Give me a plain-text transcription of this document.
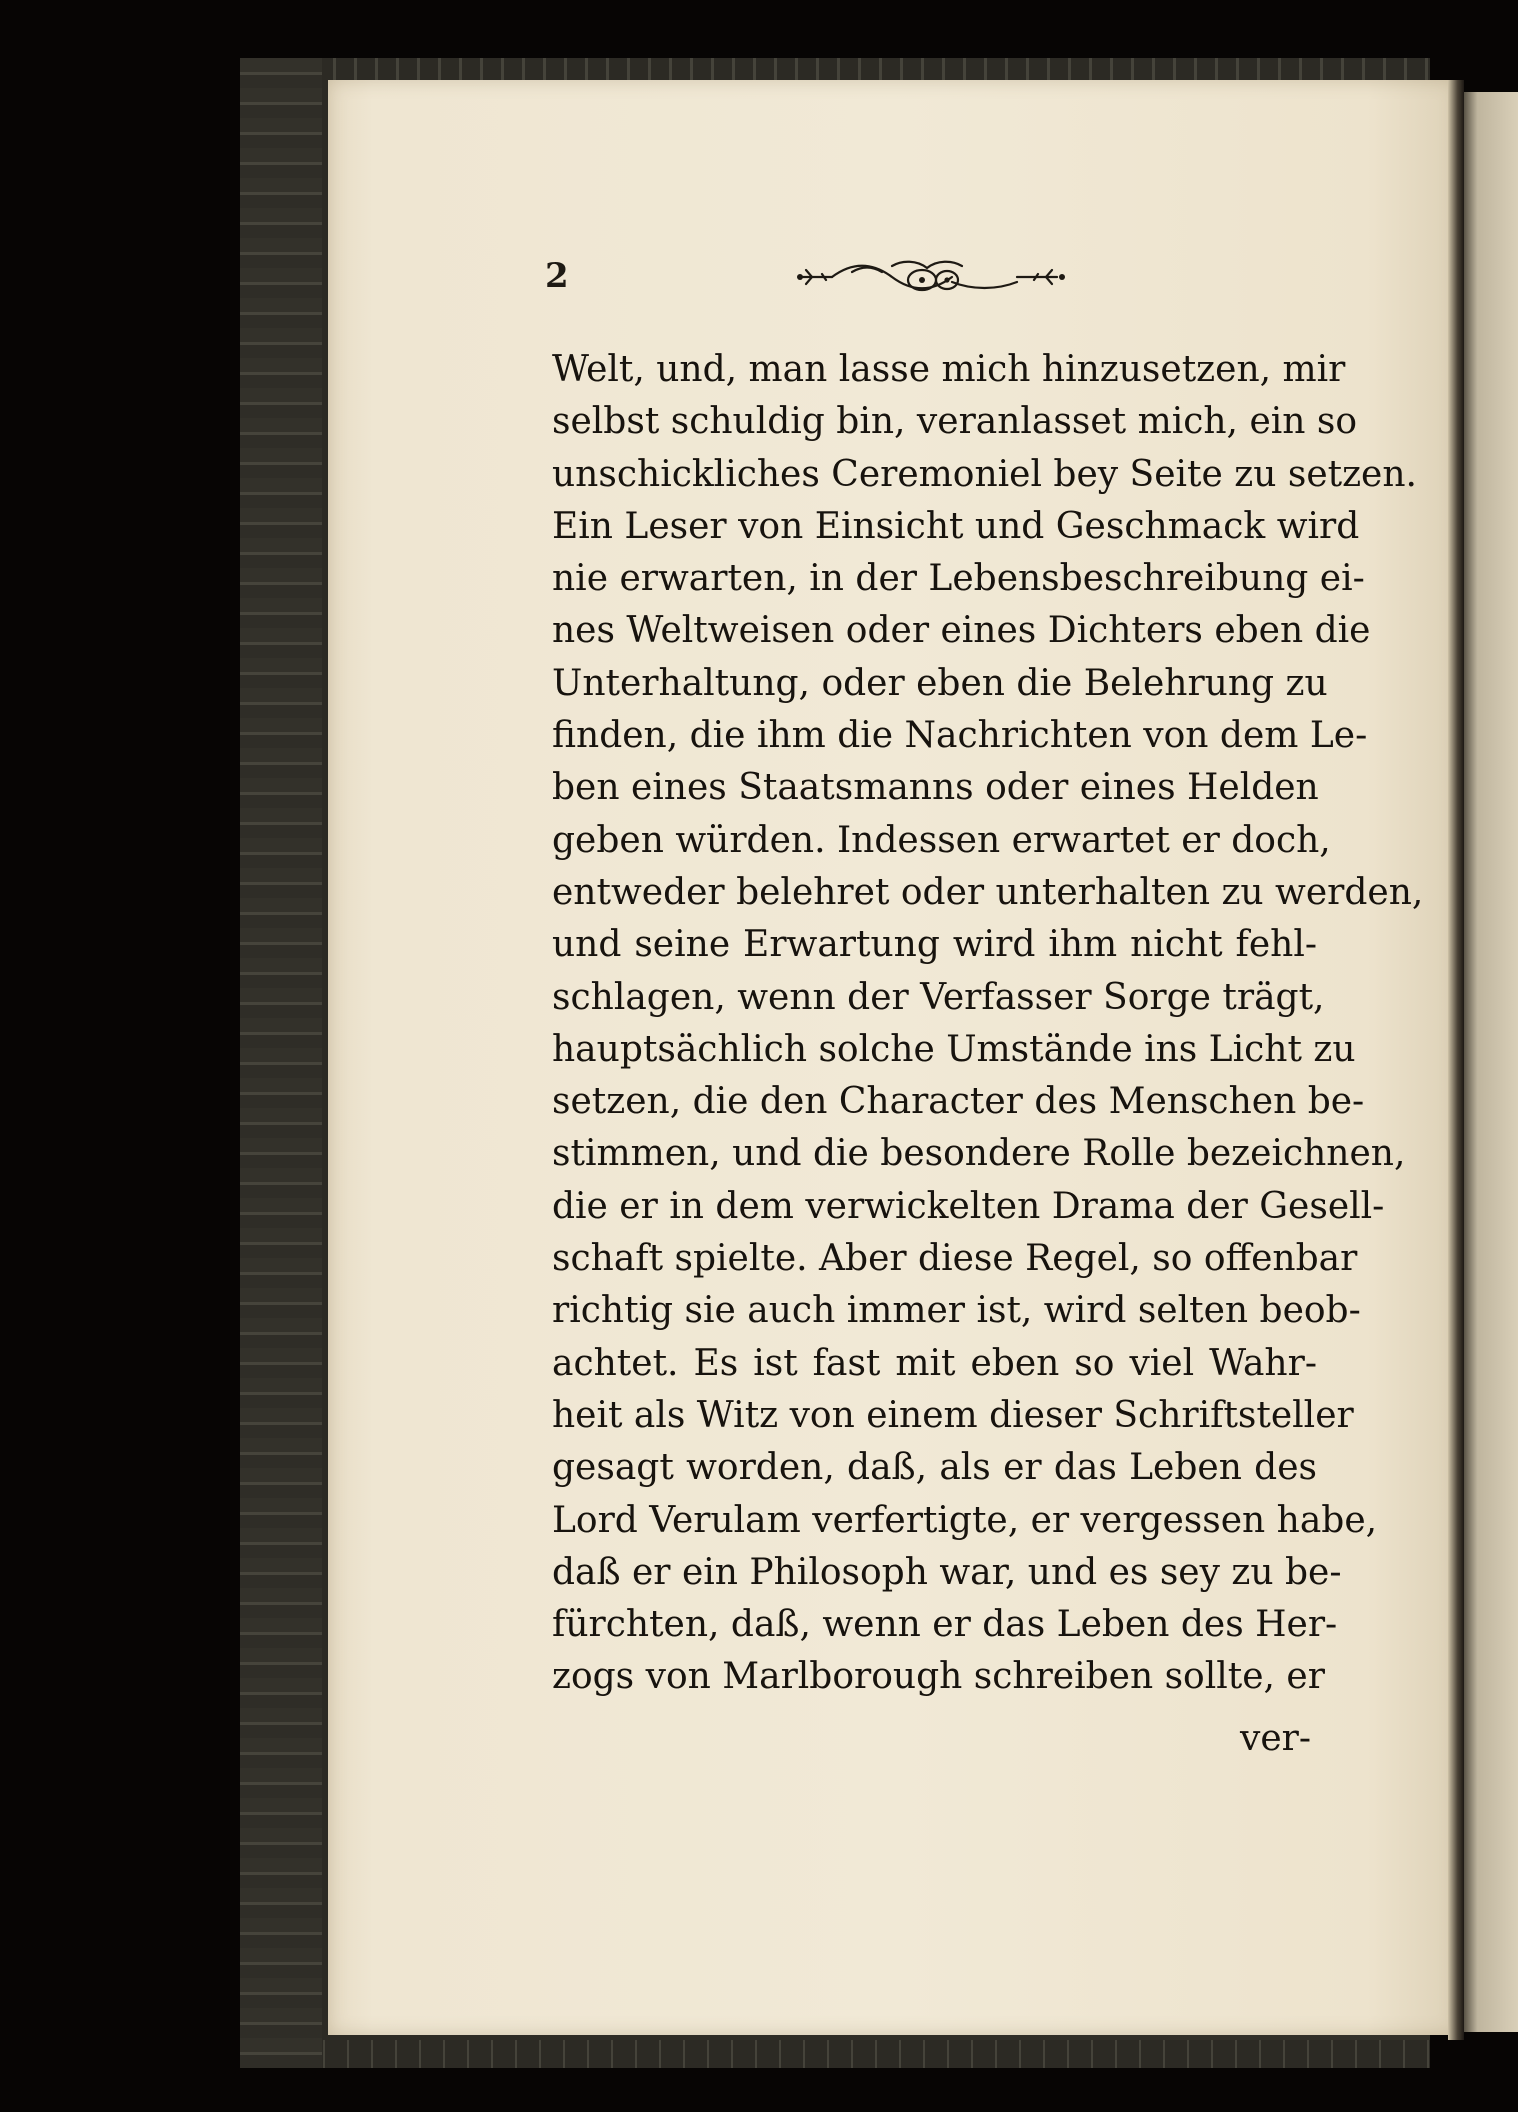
2
Welt, und, man lasse mich hinzusetzen, mir
selbst schuldig bin, veranlasset mich, ein so
unschickliches Ceremoniel bey Seite zu setzen.
Ein Leser von Einsicht und Geschmack wird
nie erwarten, in der Lebensbeschreibung ei-
nes Weltweisen oder eines Dichters eben die
Unterhaltung, oder eben die Belehrung zu
finden, die ihm die Nachrichten von dem Le-
ben eines Staatsmanns oder eines Helden
geben würden. Indessen erwartet er doch,
entweder belehret oder unterhalten zu werden,
und seine Erwartung wird ihm nicht fehl-
schlagen, wenn der Verfasser Sorge trägt,
hauptsächlich solche Umstände ins Licht zu
setzen, die den Character des Menschen be-
stimmen, und die besondere Rolle bezeichnen,
die er in dem verwickelten Drama der Gesell-
schaft spielte. Aber diese Regel, so offenbar
richtig sie auch immer ist, wird selten beob-
achtet. Es ist fast mit eben so viel Wahr-
heit als Witz von einem dieser Schriftsteller
gesagt worden, daß, als er das Leben des
Lord Verulam verfertigte, er vergessen habe,
daß er ein Philosoph war, und es sey zu be-
fürchten, daß, wenn er das Leben des Her-
zogs von Marlborough schreiben sollte, er
ver-
